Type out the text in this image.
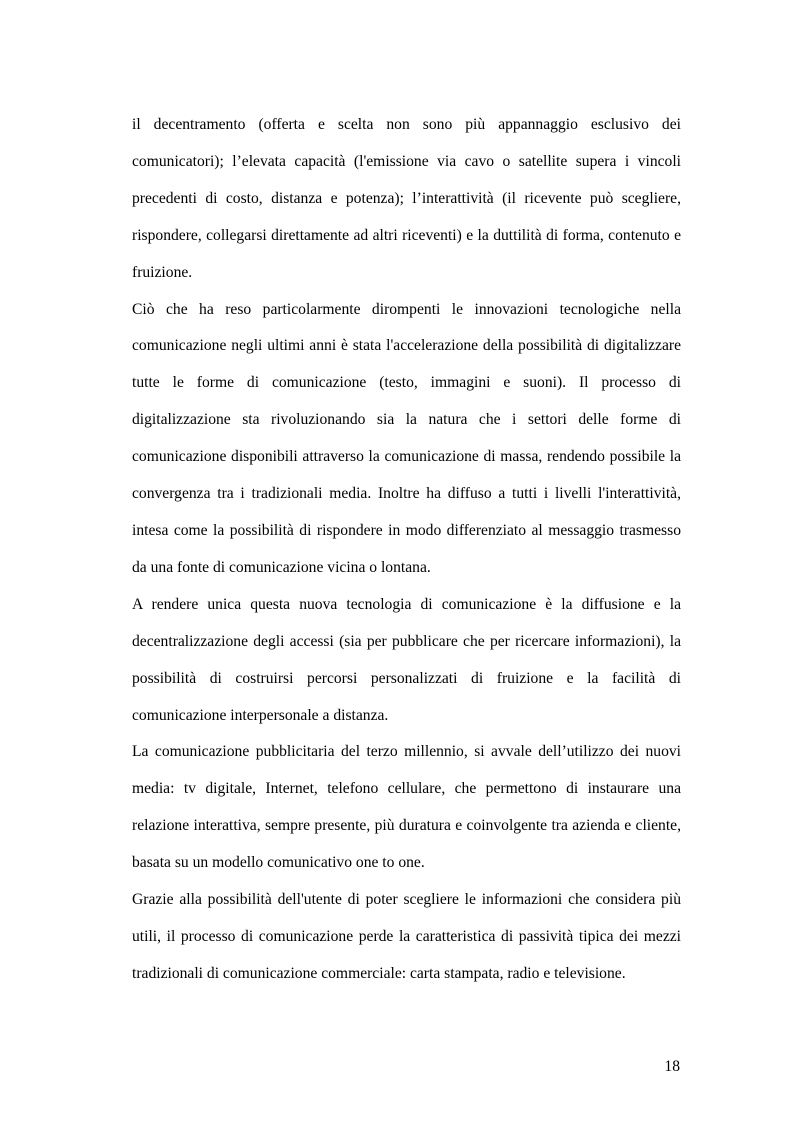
il decentramento (offerta e scelta non sono più appannaggio esclusivo dei comunicatori); l’elevata capacità (l'emissione via cavo o satellite supera i vincoli precedenti di costo, distanza e potenza); l’interattività (il ricevente può scegliere, rispondere, collegarsi direttamente ad altri riceventi) e la duttilità di forma, contenuto e fruizione.

Ciò che ha reso particolarmente dirompenti le innovazioni tecnologiche nella comunicazione negli ultimi anni è stata l'accelerazione della possibilità di digitalizzare tutte le forme di comunicazione (testo, immagini e suoni). Il processo di digitalizzazione sta rivoluzionando sia la natura che i settori delle forme di comunicazione disponibili attraverso la comunicazione di massa, rendendo possibile la convergenza tra i tradizionali media. Inoltre ha diffuso a tutti i livelli l'interattività, intesa come la possibilità di rispondere in modo differenziato al messaggio trasmesso da una fonte di comunicazione vicina o lontana.

A rendere unica questa nuova tecnologia di comunicazione è la diffusione e la decentralizzazione degli accessi (sia per pubblicare che per ricercare informazioni), la possibilità di costruirsi percorsi personalizzati di fruizione e la facilità di comunicazione interpersonale a distanza.

La comunicazione pubblicitaria del terzo millennio, si avvale dell’utilizzo dei nuovi media: tv digitale, Internet, telefono cellulare, che permettono di instaurare una relazione interattiva, sempre presente, più duratura e coinvolgente tra azienda e cliente, basata su un modello comunicativo one to one.

Grazie alla possibilità dell'utente di poter scegliere le informazioni che considera più utili, il processo di comunicazione perde la caratteristica di passività tipica dei mezzi tradizionali di comunicazione commerciale: carta stampata, radio e televisione.

18
